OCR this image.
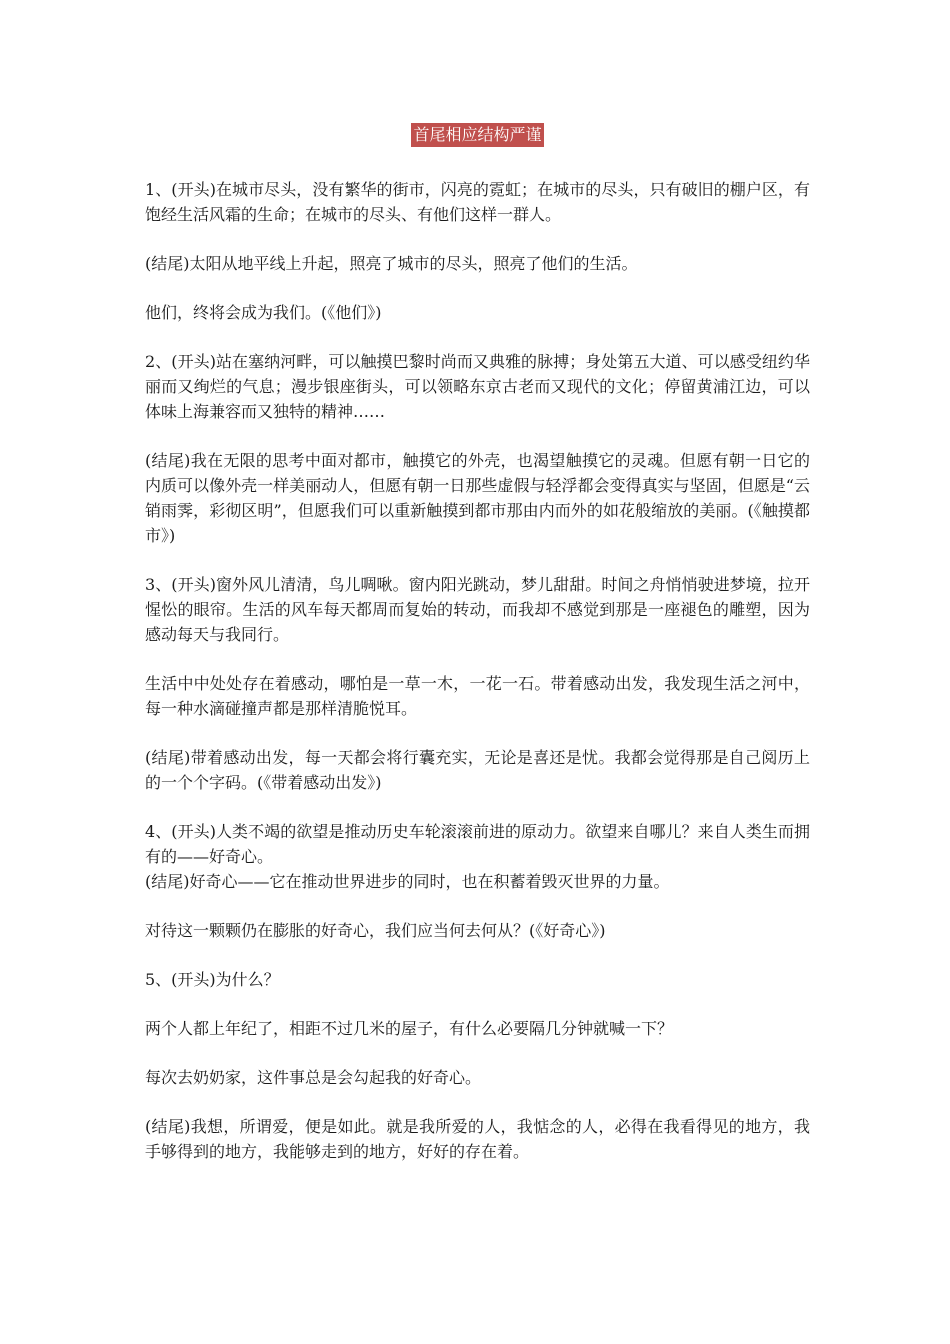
首尾相应结构严谨

1、(开头)在城市尽头，没有繁华的街市，闪亮的霓虹；在城市的尽头，只有破旧的棚户区，有饱经生活风霜的生命；在城市的尽头、有他们这样一群人。

(结尾)太阳从地平线上升起，照亮了城市的尽头，照亮了他们的生活。

他们，终将会成为我们。(《他们》)

2、(开头)站在塞纳河畔，可以触摸巴黎时尚而又典雅的脉搏；身处第五大道、可以感受纽约华丽而又绚烂的气息；漫步银座街头，可以领略东京古老而又现代的文化；停留黄浦江边，可以体味上海兼容而又独特的精神……

(结尾)我在无限的思考中面对都市，触摸它的外壳，也渴望触摸它的灵魂。但愿有朝一日它的内质可以像外壳一样美丽动人，但愿有朝一日那些虚假与轻浮都会变得真实与坚固，但愿是“云销雨霁，彩彻区明”，但愿我们可以重新触摸到都市那由内而外的如花般缩放的美丽。(《触摸都市》)

3、(开头)窗外风儿清清，鸟儿啁啾。窗内阳光跳动，梦儿甜甜。时间之舟悄悄驶进梦境，拉开惺忪的眼帘。生活的风车每天都周而复始的转动，而我却不感觉到那是一座褪色的雕塑，因为感动每天与我同行。

生活中中处处存在着感动，哪怕是一草一木，一花一石。带着感动出发，我发现生活之河中，每一种水滴碰撞声都是那样清脆悦耳。

(结尾)带着感动出发，每一天都会将行囊充实，无论是喜还是忧。我都会觉得那是自己阅历上的一个个字码。(《带着感动出发》)

4、(开头)人类不竭的欲望是推动历史车轮滚滚前进的原动力。欲望来自哪儿？来自人类生而拥有的——好奇心。

(结尾)好奇心——它在推动世界进步的同时，也在积蓄着毁灭世界的力量。

对待这一颗颗仍在膨胀的好奇心，我们应当何去何从？(《好奇心》)

5、(开头)为什么？

两个人都上年纪了，相距不过几米的屋子，有什么必要隔几分钟就喊一下？

每次去奶奶家，这件事总是会勾起我的好奇心。

(结尾)我想，所谓爱，便是如此。就是我所爱的人，我惦念的人，必得在我看得见的地方，我手够得到的地方，我能够走到的地方，好好的存在着。
